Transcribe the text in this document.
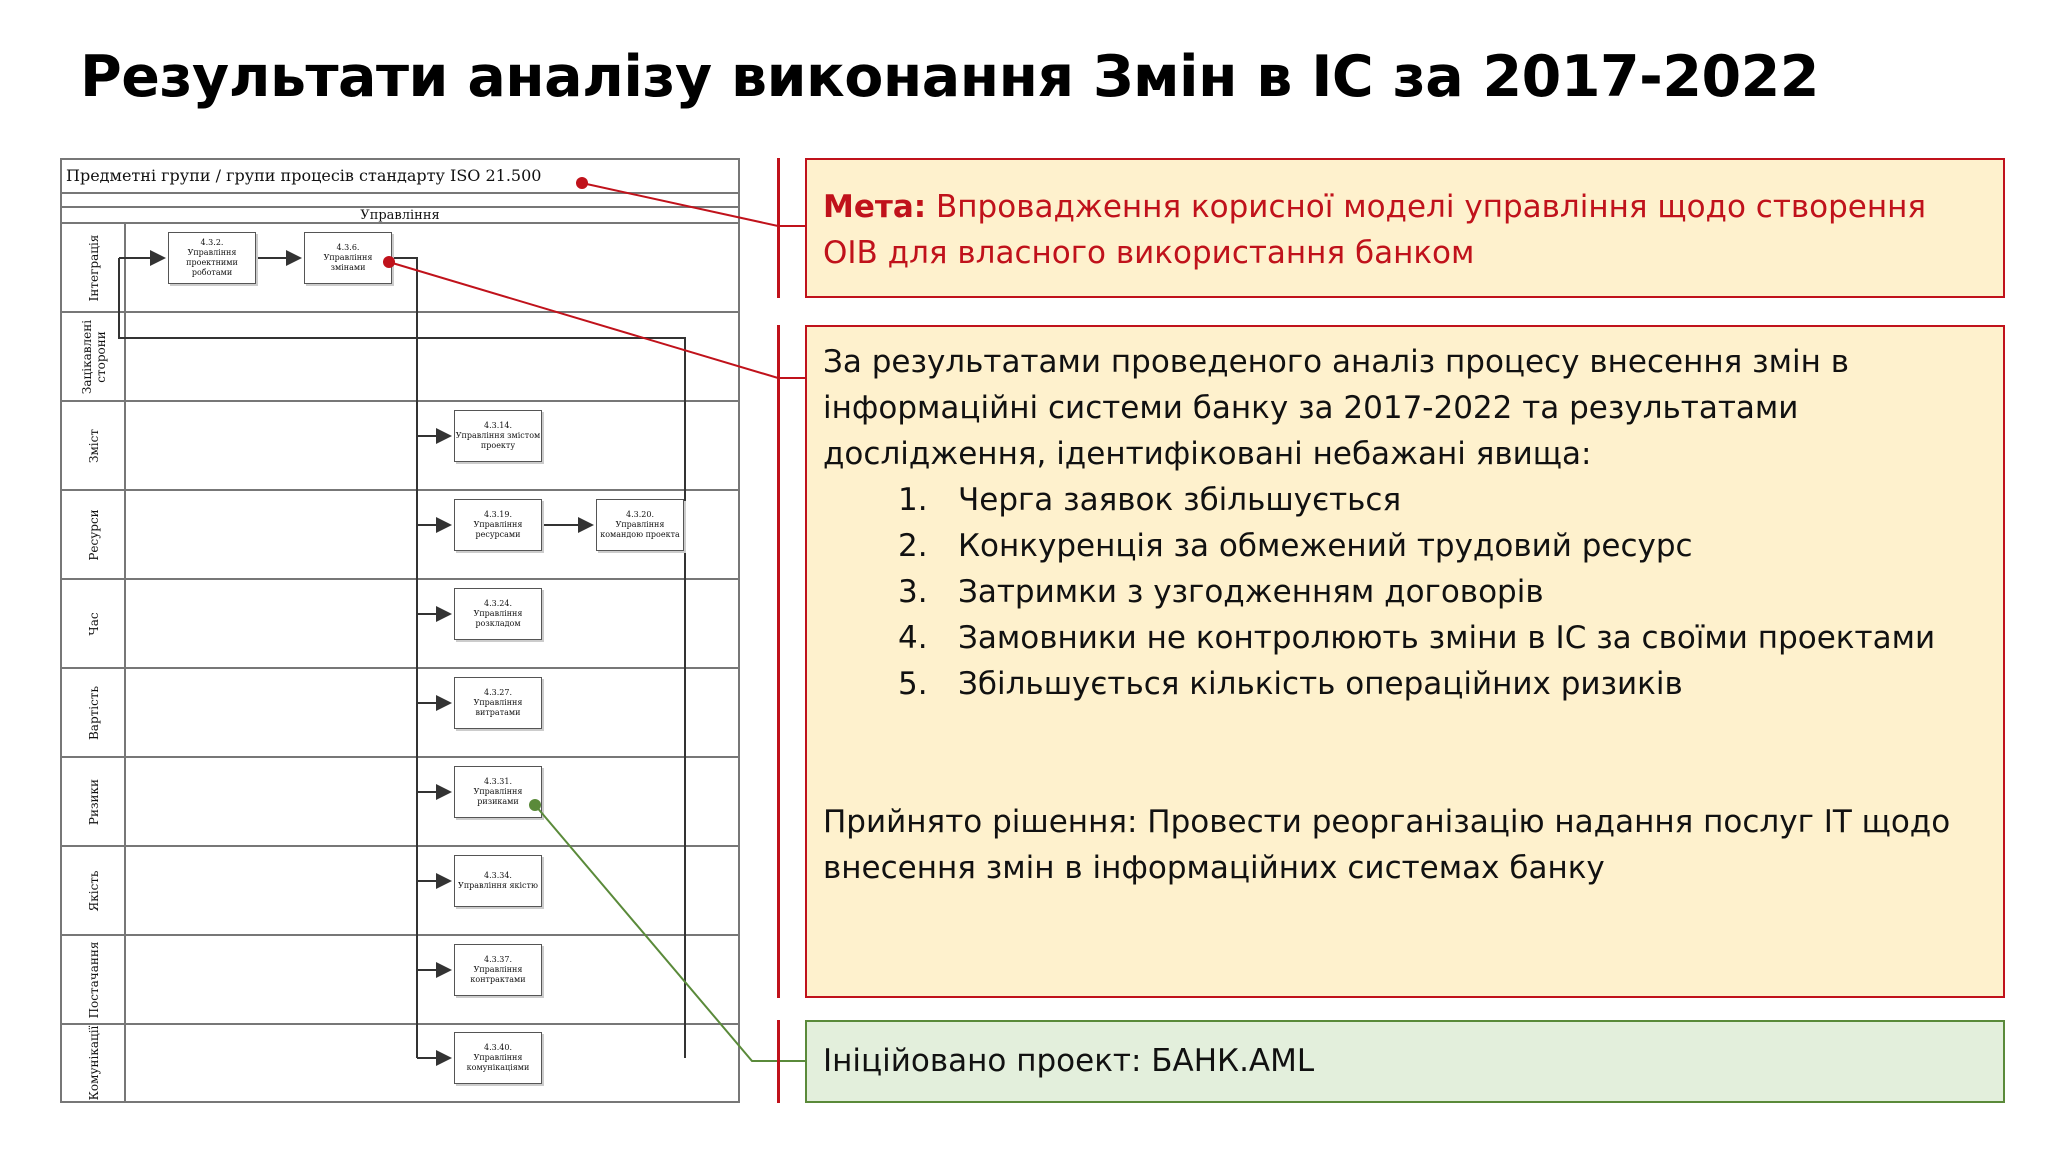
Результати аналізу виконання Змін в ІС за 2017-2022
Предметні групи / групи процесів стандарту ISO 21.500
Управління
Інтеграція
Зацікавлені сторони
Зміст
Ресурси
Час
Вартість
Ризики
Якість
Постачання
Комунікації
4.3.2.
Управління проектними роботами
4.3.6.
Управління змінами
4.3.14.
Управління змістом проекту
4.3.19.
Управління ресурсами
4.3.20.
Управління командою проекта
4.3.24.
Управління розкладом
4.3.27.
Управління витратами
4.3.31.
Управління ризиками
4.3.34.
Управління якістю
4.3.37.
Управління контрактами
4.3.40.
Управління комунікаціями
Мета: Впровадження корисної моделі управління щодо створення ОІВ для власного використання банком
За результатами проведеного аналіз процесу внесення змін в інформаційні системи банку за 2017-2022 та результатами дослідження, ідентифіковані небажані явища:
1. Черга заявок збільшується
2. Конкуренція за обмежений трудовий ресурс
3. Затримки з узгодженням договорів
4. Замовники не контролюють зміни в ІС за своїми проектами
5. Збільшується кількість операційних ризиків
Прийнято рішення: Провести реорганізацію надання послуг ІТ щодо внесення змін в інформаційних системах банку
Ініційовано проект: БАНК.AML
